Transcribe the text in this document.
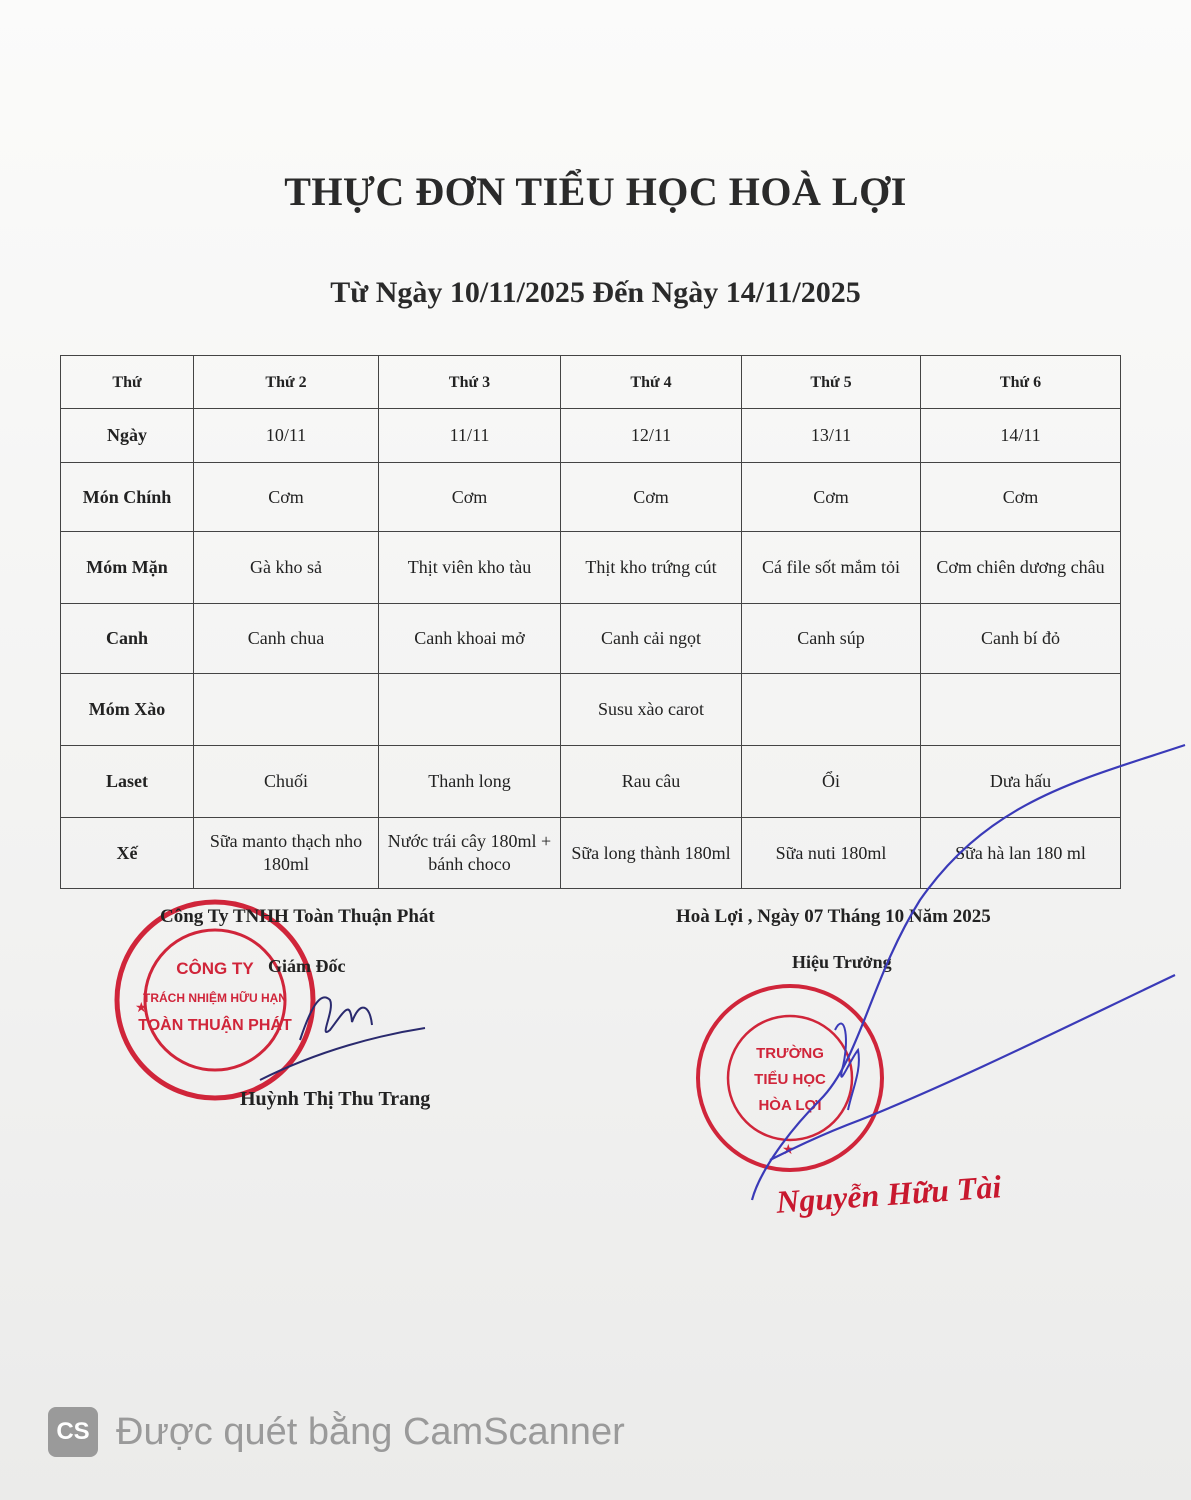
THỰC ĐƠN TIỂU HỌC HOÀ LỢI
Từ Ngày 10/11/2025 Đến Ngày 14/11/2025
Thứ	Thứ 2	Thứ 3	Thứ 4	Thứ 5	Thứ 6
Ngày	10/11	11/11	12/11	13/11	14/11
Món Chính	Cơm	Cơm	Cơm	Cơm	Cơm
Móm Mặn	Gà kho sả	Thịt viên kho tàu	Thịt kho trứng cút	Cá file sốt mắm tỏi	Cơm chiên dương châu
Canh	Canh chua	Canh khoai mở	Canh cải ngọt	Canh súp	Canh bí đỏ
Móm Xào			Susu xào carot		
Laset	Chuối	Thanh long	Rau câu	Ổi	Dưa hấu
Xế	Sữa manto thạch nho 180ml	Nước trái cây 180ml + bánh choco	Sữa long thành 180ml	Sữa nuti 180ml	Sữa hà lan 180 ml
CÔNG TY
TRÁCH NHIỆM HỮU HẠN
TOÀN THUẬN PHÁT
★
TRƯỜNG
TIỂU HỌC
HÒA LỢI
★
Công Ty TNHH Toàn Thuận Phát
Giám Đốc
Huỳnh Thị Thu Trang
Hoà Lợi , Ngày 07 Tháng 10 Năm 2025
Hiệu Trưởng
Nguyễn Hữu Tài
CS Được quét bằng CamScanner
